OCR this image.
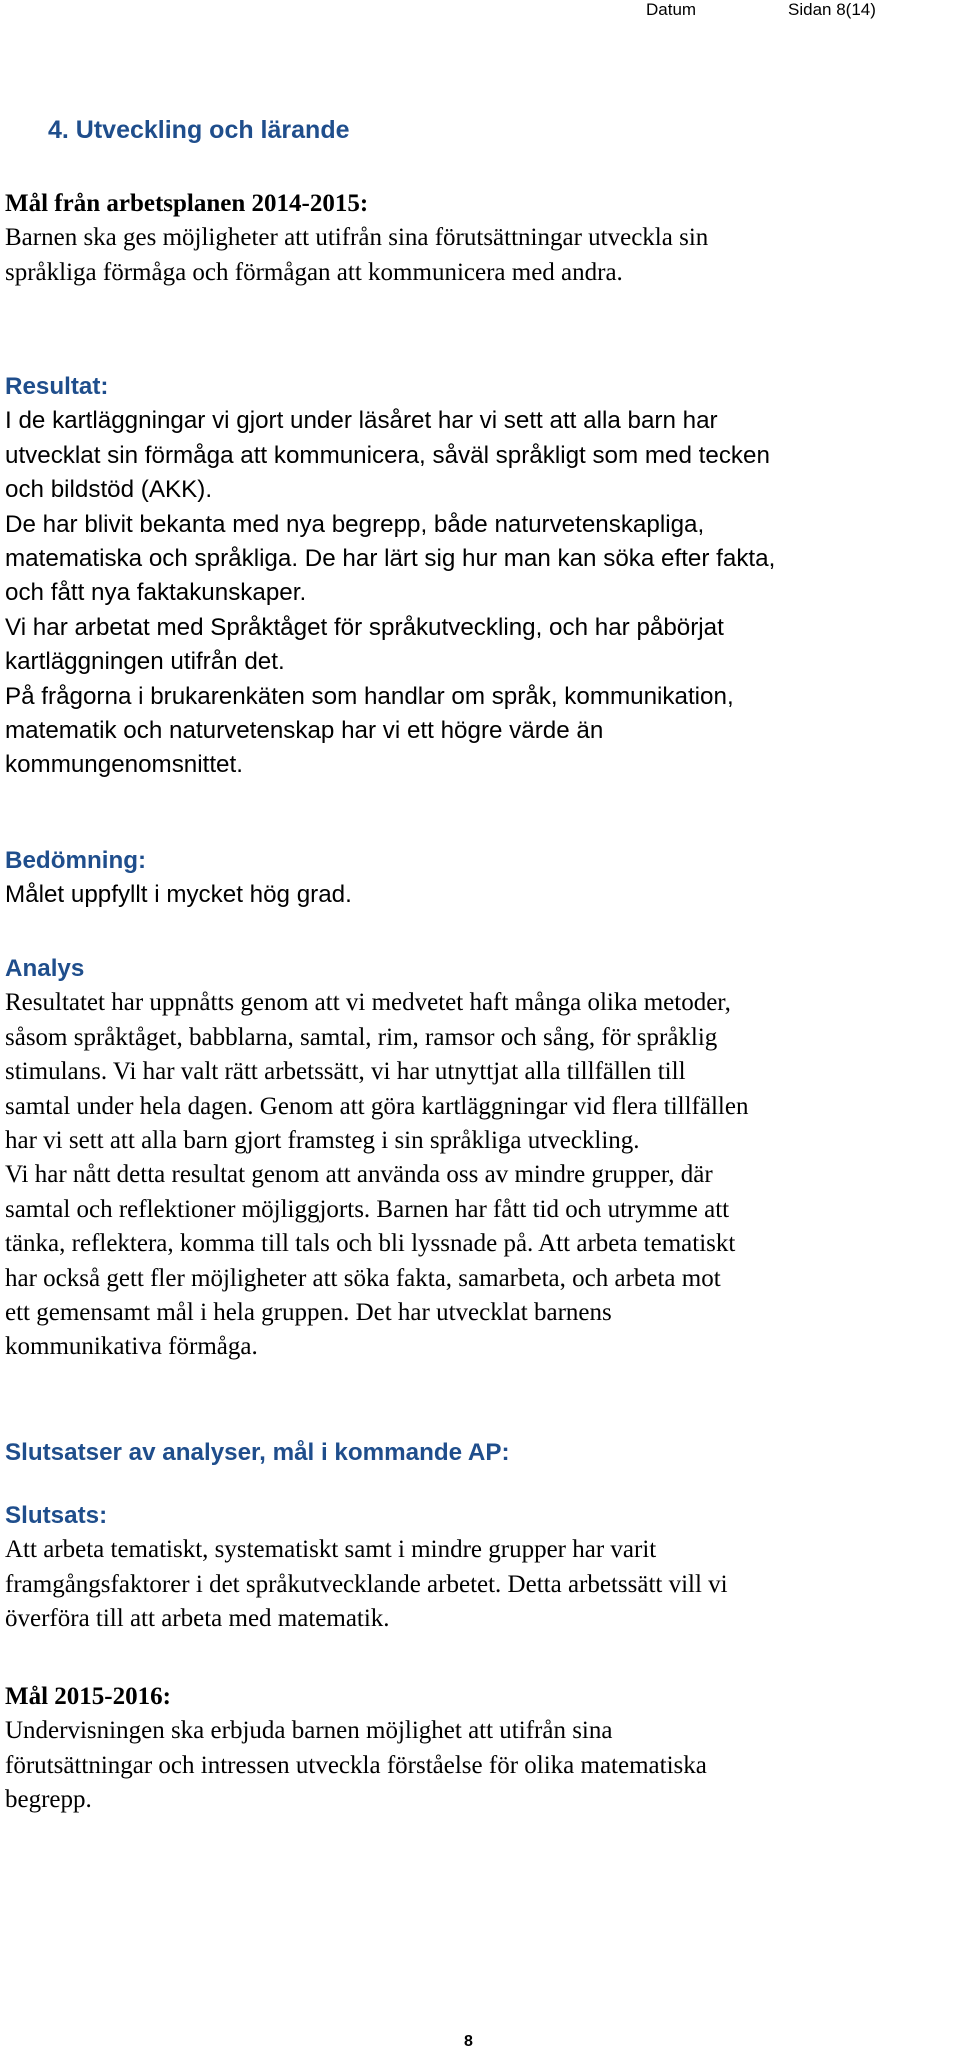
Datum	Sidan 8(14)
4. Utveckling och lärande
Mål från arbetsplanen 2014-2015:
Barnen ska ges möjligheter att utifrån sina förutsättningar utveckla sin
språkliga förmåga och förmågan att kommunicera med andra.
Resultat:
I de kartläggningar vi gjort under läsåret har vi sett att alla barn har
utvecklat sin förmåga att kommunicera, såväl språkligt som med tecken
och bildstöd (AKK).
De har blivit bekanta med nya begrepp, både naturvetenskapliga,
matematiska och språkliga. De har lärt sig hur man kan söka efter fakta,
och fått nya faktakunskaper.
Vi har arbetat med Språktåget för språkutveckling, och har påbörjat
kartläggningen utifrån det.
På frågorna i brukarenkäten som handlar om språk, kommunikation,
matematik och naturvetenskap har vi ett högre värde än
kommungenomsnittet.
Bedömning:
Målet uppfyllt i mycket hög grad.
Analys
Resultatet har uppnåtts genom att vi medvetet haft många olika metoder,
såsom språktåget, babblarna, samtal, rim, ramsor och sång, för språklig
stimulans. Vi har valt rätt arbetssätt, vi har utnyttjat alla tillfällen till
samtal under hela dagen. Genom att göra kartläggningar vid flera tillfällen
har vi sett att alla barn gjort framsteg i sin språkliga utveckling.
Vi har nått detta resultat genom att använda oss av mindre grupper, där
samtal och reflektioner möjliggjorts. Barnen har fått tid och utrymme att
tänka, reflektera, komma till tals och bli lyssnade på. Att arbeta tematiskt
har också gett fler möjligheter att söka fakta, samarbeta, och arbeta mot
ett gemensamt mål i hela gruppen. Det har utvecklat barnens
kommunikativa förmåga.
Slutsatser av analyser, mål i kommande AP:
Slutsats:
Att arbeta tematiskt, systematiskt samt i mindre grupper har varit
framgångsfaktorer i det språkutvecklande arbetet. Detta arbetssätt vill vi
överföra till att arbeta med matematik.
Mål 2015-2016:
Undervisningen ska erbjuda barnen möjlighet att utifrån sina
förutsättningar och intressen utveckla förståelse för olika matematiska
begrepp.
8
